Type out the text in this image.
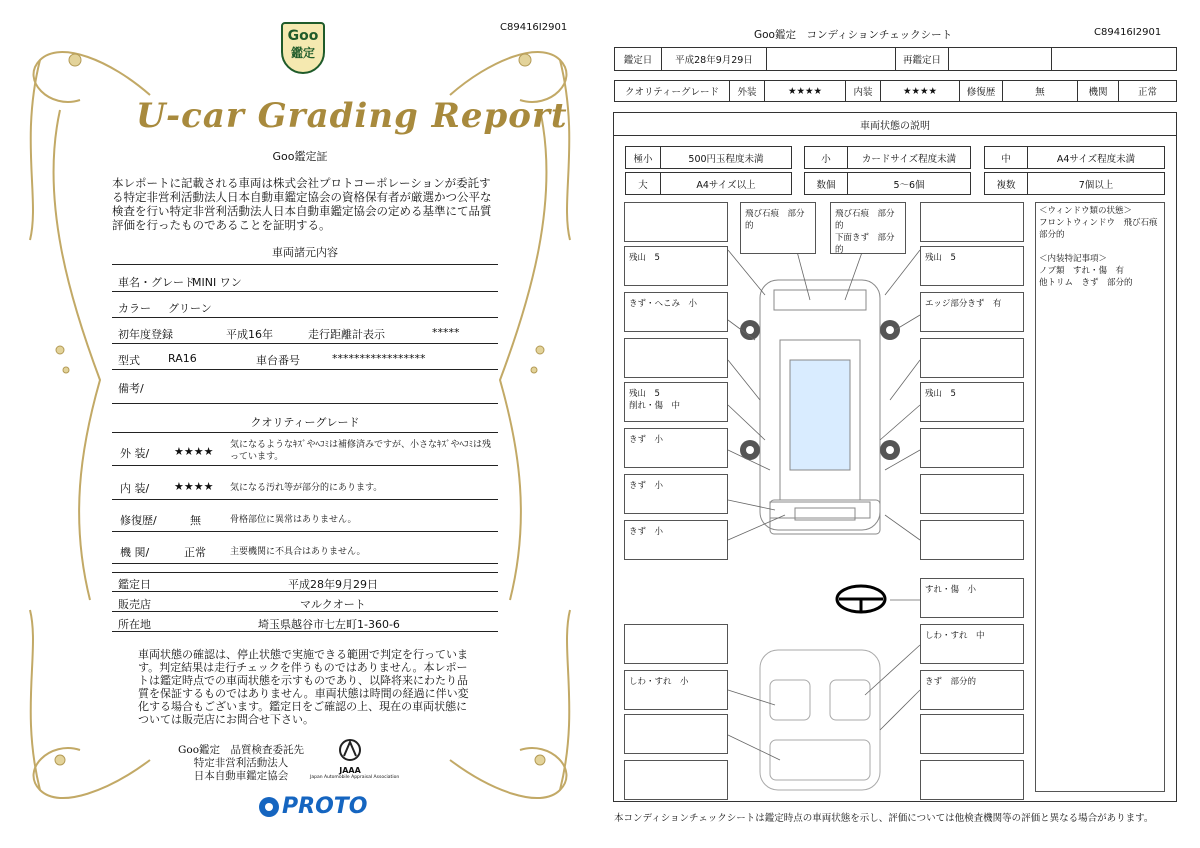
C89416I2901
Goo
鑑定
U-car Grading Report
Goo鑑定証
本レポートに記載される車両は株式会社プロトコーポレーションが委託する特定非営利活動法人日本自動車鑑定協会の資格保有者が厳選かつ公平な検査を行い特定非営利活動法人日本自動車鑑定協会の定める基準にて品質評価を行ったものであることを証明する。
車両諸元内容
車名・グレード
MINI ワン
カラー グリーン
初年度登録	平成16年	走行距離計表示	*****
型式	RA16	車台番号	*****************
備考/
クオリティーグレード
外 装/ ★★★★ 気になるようなｷｽﾞやﾍｺﾐは補修済みですが、小さなｷｽﾞやﾍｺﾐは残っています。
内 装/ ★★★★ 気になる汚れ等が部分的にあります。
修復歴/	無	骨格部位に異常はありません。
機 関/	正常	主要機関に不具合はありません。
鑑定日	平成28年9月29日
販売店	マルクオート
所在地	埼玉県越谷市七左町1-360-6
車両状態の確認は、停止状態で実施できる範囲で判定を行っています。判定結果は走行チェックを伴うものではありません。本レポートは鑑定時点での車両状態を示すものであり、以降将来にわたり品質を保証するものではありません。車両状態は時間の経過に伴い変化する場合もございます。鑑定日をご確認の上、現在の車両状態については販売店にお問合せ下さい。
Goo鑑定　品質検査委託先
特定非営利活動法人
日本自動車鑑定協会	JAAA
Japan Automobile Appraisal Association
PROTO
Goo鑑定　コンディションチェックシート	C89416I2901
鑑定日	平成28年9月29日	再鑑定日
クオリティーグレード	外装	★★★★	内装	★★★★	修復歴	無	機関	正常
車両状態の説明
極小	500円玉程度未満	小	カードサイズ程度未満	中	A4サイズ程度未満
大	A4サイズ以上	数個	5～6個	複数	7個以上
＜ウィンドウ類の状態＞
フロントウィンドウ　飛び石痕　部分的

＜内装特記事項＞
ノブ類　すれ・傷　有
他トリム　きず　部分的
残山　5
きず・へこみ　小
残山　5
削れ・傷　中
きず　小
きず　小
きず　小
飛び石痕　部分的
飛び石痕　部分的
下面きず　部分的
残山　5
エッジ部分きず　有
残山　5
すれ・傷　小
しわ・すれ　中
しわ・すれ　小	きず　部分的
本コンディションチェックシートは鑑定時点の車両状態を示し、評価については他検査機関等の評価と異なる場合があります。
